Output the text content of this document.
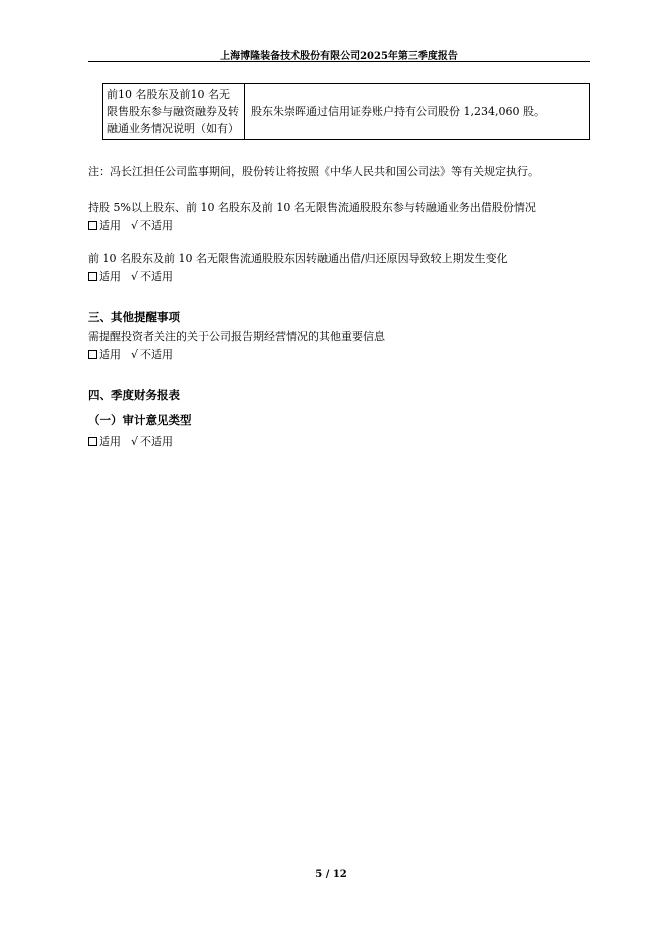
上海博隆装备技术股份有限公司2025年第三季度报告
前10 名股东及前10 名无限售股东参与融资融券及转融通业务情况说明（如有）	股东朱崇晖通过信用证券账户持有公司股份 1,234,060 股。
注：冯长江担任公司监事期间，股份转让将按照《中华人民共和国公司法》等有关规定执行。
持股 5%以上股东、前 10 名股东及前 10 名无限售流通股股东参与转融通业务出借股份情况
适用 √ 不适用
前 10 名股东及前 10 名无限售流通股股东因转融通出借/归还原因导致较上期发生变化
适用 √ 不适用
三、其他提醒事项
需提醒投资者关注的关于公司报告期经营情况的其他重要信息
适用 √ 不适用
四、季度财务报表
（一）审计意见类型
适用 √ 不适用
5 / 12
